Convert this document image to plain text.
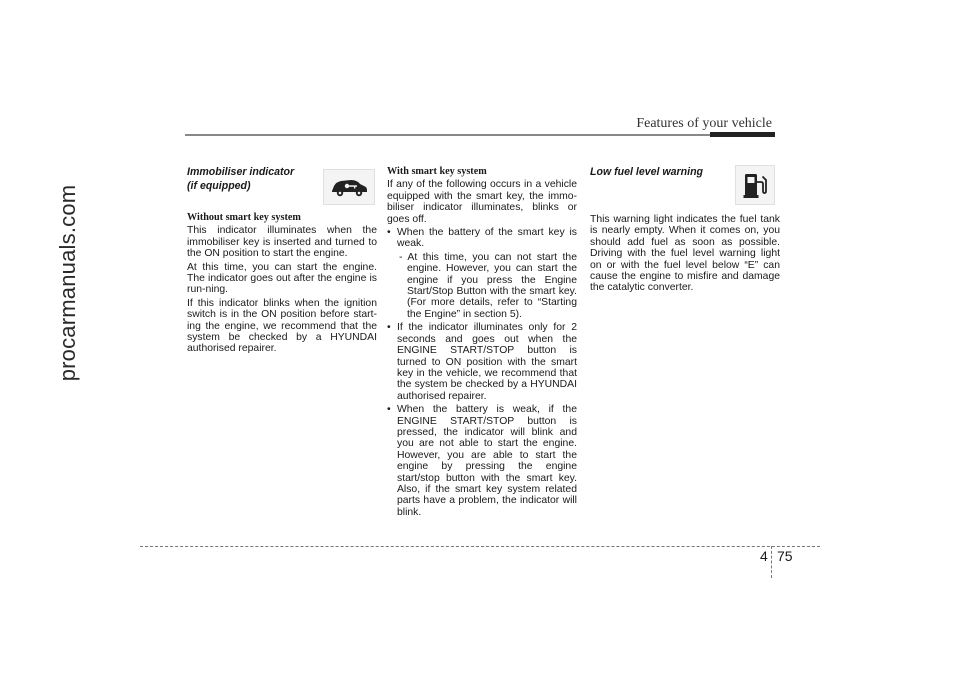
procarmanuals.com
Features of your vehicle

Immobiliser indicator

(if equipped)

Without smart key system

This indicator illuminates when the immobiliser key is inserted and turned to the ON position to start the engine.

At this time, you can start the engine. The indicator goes out after the engine is run-ning.

If this indicator blinks when the ignition switch is in the ON position before start-ing the engine, we recommend that the system be checked by a HYUNDAI authorised repairer.

With smart key system

If any of the following occurs in a vehicle equipped with the smart key, the immo-biliser indicator illuminates, blinks or goes off.

• When the battery of the smart key is weak.

- At this time, you can not start the engine. However, you can start the engine if you press the Engine Start/Stop Button with the smart key. (For more details, refer to “Starting the Engine” in section 5).

• If the indicator illuminates only for 2 seconds and goes out when the ENGINE START/STOP button is turned to ON position with the smart key in the vehicle, we recommend that the system be checked by a HYUNDAI authorised repairer.
• When the battery is weak, if the ENGINE START/STOP button is pressed, the indicator will blink and you are not able to start the engine. However, you are able to start the engine by pressing the engine start/stop button with the smart key. Also, if the smart key system related parts have a problem, the indicator will blink.

Low fuel level warning

This warning light indicates the fuel tank is nearly empty. When it comes on, you should add fuel as soon as possible. Driving with the fuel level warning light on or with the fuel level below “E” can cause the engine to misfire and damage the catalytic converter.

4 75
